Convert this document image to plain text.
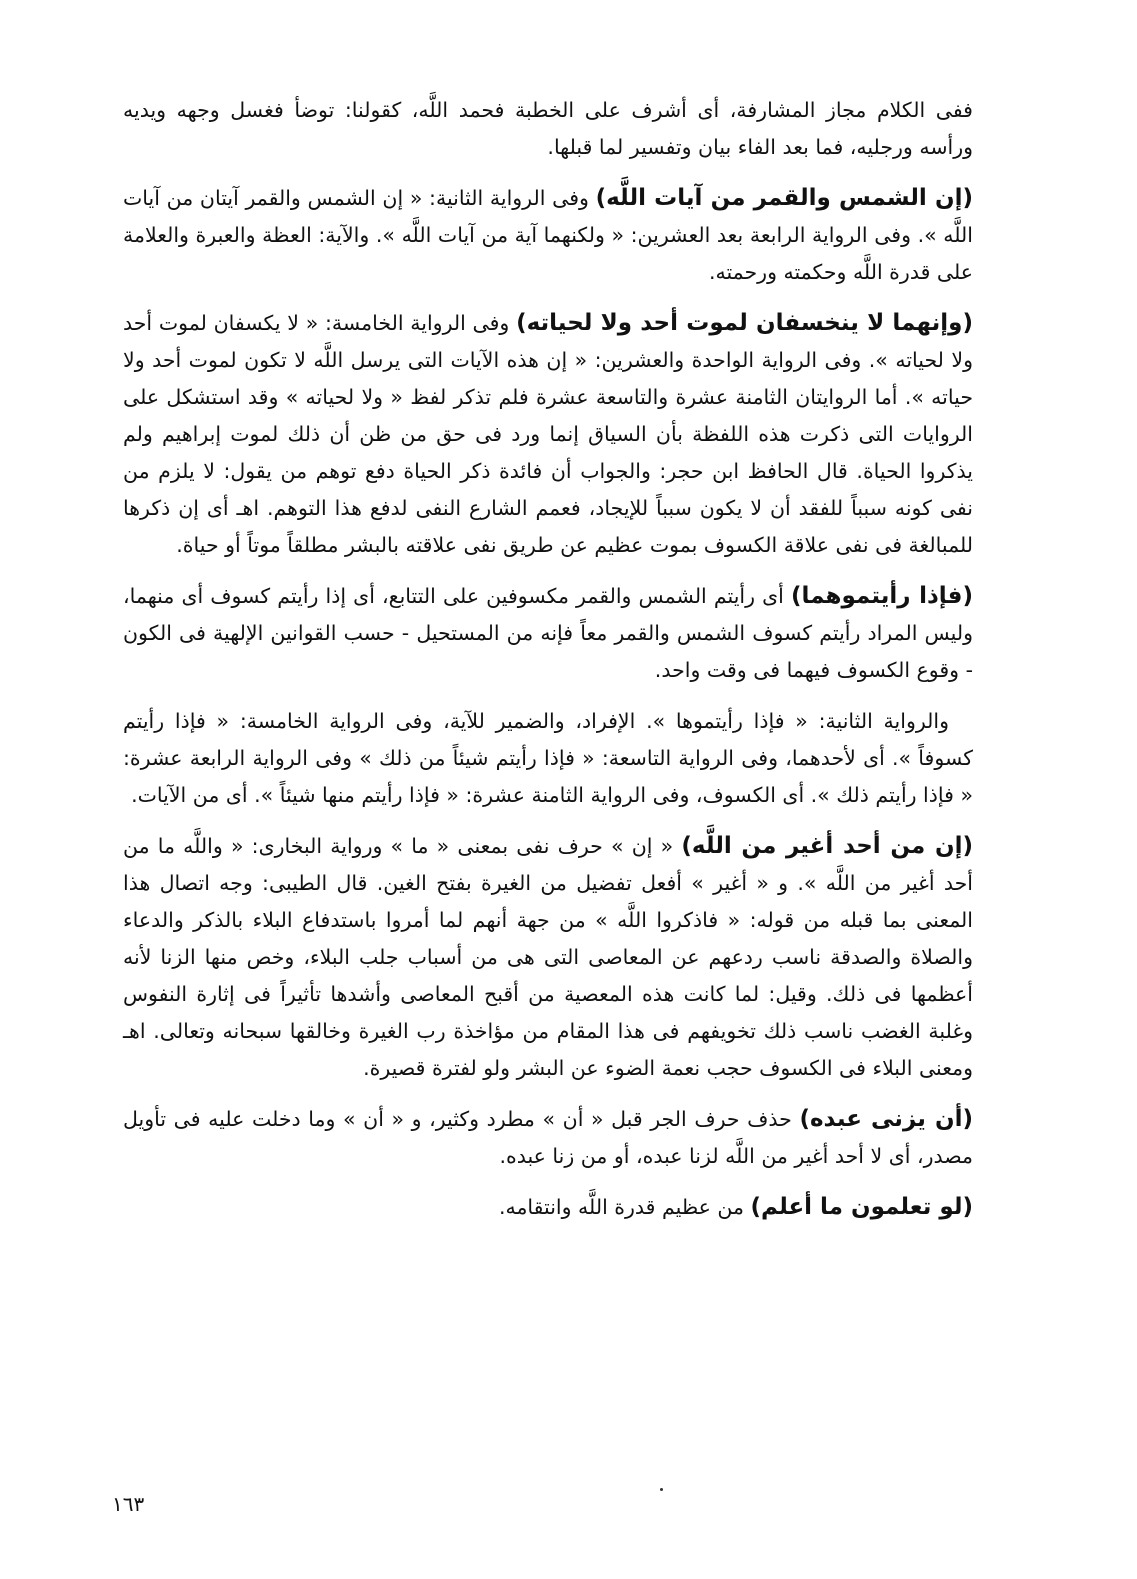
ففى الكلام مجاز المشارفة، أى أشرف على الخطبة فحمد اللَّه، كقولنا: توضأ فغسل وجهه ويديه ورأسه ورجليه، فما بعد الفاء بيان وتفسير لما قبلها.

(إن الشمس والقمر من آيات اللَّه) وفى الرواية الثانية: « إن الشمس والقمر آيتان من آيات اللَّه ». وفى الرواية الرابعة بعد العشرين: « ولكنهما آية من آيات اللَّه ». والآية: العظة والعبرة والعلامة على قدرة اللَّه وحكمته ورحمته.

(وإنهما لا ينخسفان لموت أحد ولا لحياته) وفى الرواية الخامسة: « لا يكسفان لموت أحد ولا لحياته ». وفى الرواية الواحدة والعشرين: « إن هذه الآيات التى يرسل اللَّه لا تكون لموت أحد ولا حياته ». أما الروايتان الثامنة عشرة والتاسعة عشرة فلم تذكر لفظ « ولا لحياته » وقد استشكل على الروايات التى ذكرت هذه اللفظة بأن السياق إنما ورد فى حق من ظن أن ذلك لموت إبراهيم ولم يذكروا الحياة. قال الحافظ ابن حجر: والجواب أن فائدة ذكر الحياة دفع توهم من يقول: لا يلزم من نفى كونه سبباً للفقد أن لا يكون سبباً للإيجاد، فعمم الشارع النفى لدفع هذا التوهم. اهـ أى إن ذكرها للمبالغة فى نفى علاقة الكسوف بموت عظيم عن طريق نفى علاقته بالبشر مطلقاً موتاً أو حياة.

(فإذا رأيتموهما) أى رأيتم الشمس والقمر مكسوفين على التتابع، أى إذا رأيتم كسوف أى منهما، وليس المراد رأيتم كسوف الشمس والقمر معاً فإنه من المستحيل - حسب القوانين الإلهية فى الكون - وقوع الكسوف فيهما فى وقت واحد.

والرواية الثانية: « فإذا رأيتموها ». الإفراد، والضمير للآية، وفى الرواية الخامسة: « فإذا رأيتم كسوفاً ». أى لأحدهما، وفى الرواية التاسعة: « فإذا رأيتم شيئاً من ذلك » وفى الرواية الرابعة عشرة: « فإذا رأيتم ذلك ». أى الكسوف، وفى الرواية الثامنة عشرة: « فإذا رأيتم منها شيئاً ». أى من الآيات.

(إن من أحد أغير من اللَّه) « إن » حرف نفى بمعنى « ما » ورواية البخارى: « واللَّه ما من أحد أغير من اللَّه ». و « أغير » أفعل تفضيل من الغيرة بفتح الغين. قال الطيبى: وجه اتصال هذا المعنى بما قبله من قوله: « فاذكروا اللَّه » من جهة أنهم لما أمروا باستدفاع البلاء بالذكر والدعاء والصلاة والصدقة ناسب ردعهم عن المعاصى التى هى من أسباب جلب البلاء، وخص منها الزنا لأنه أعظمها فى ذلك. وقيل: لما كانت هذه المعصية من أقبح المعاصى وأشدها تأثيراً فى إثارة النفوس وغلبة الغضب ناسب ذلك تخويفهم فى هذا المقام من مؤاخذة رب الغيرة وخالقها سبحانه وتعالى. اهـ ومعنى البلاء فى الكسوف حجب نعمة الضوء عن البشر ولو لفترة قصيرة.

(أن يزنى عبده) حذف حرف الجر قبل « أن » مطرد وكثير، و « أن » وما دخلت عليه فى تأويل مصدر، أى لا أحد أغير من اللَّه لزنا عبده، أو من زنا عبده.

(لو تعلمون ما أعلم) من عظيم قدرة اللَّه وانتقامه.

١٦٣
